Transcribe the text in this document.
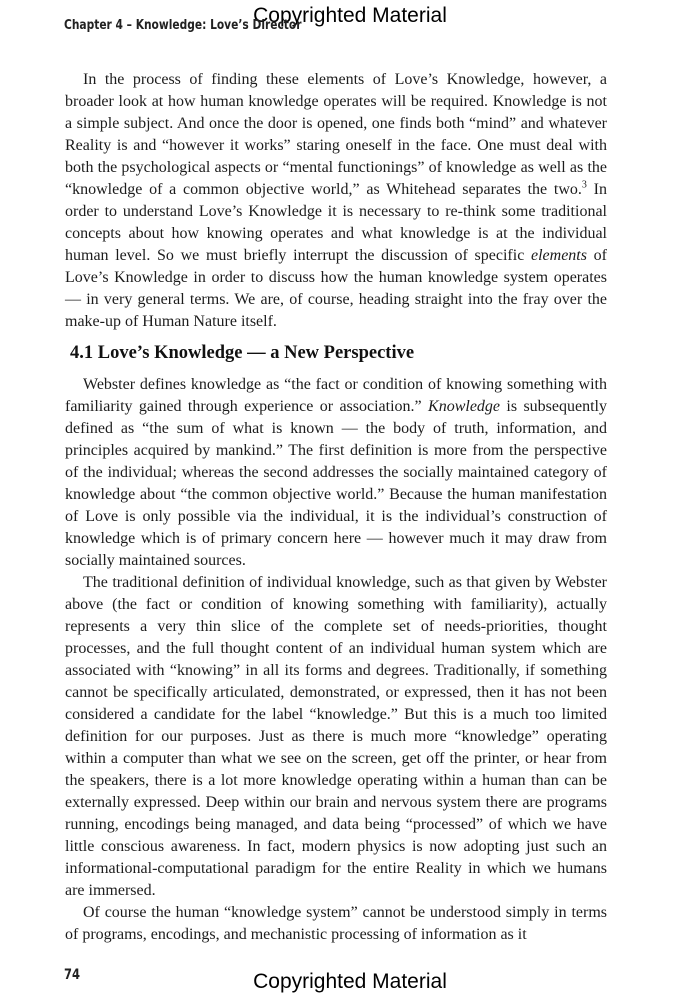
Copyrighted Material
Chapter 4 – Knowledge: Love’s Director

In the process of finding these elements of Love’s Knowledge, however, a broader look at how human knowledge operates will be required. Knowledge is not a simple subject. And once the door is opened, one finds both “mind” and whatever Reality is and “however it works” staring oneself in the face. One must deal with both the psychological aspects or “mental functionings” of knowledge as well as the “knowledge of a common objective world,” as Whitehead separates the two.$^3$ In order to understand Love’s Knowledge it is necessary to re-think some traditional concepts about how knowing operates and what knowledge is at the individual human level. So we must briefly interrupt the discussion of specific elements of Love’s Knowledge in order to discuss how the human knowledge system operates — in very general terms. We are, of course, heading straight into the fray over the make-up of Human Nature itself.

4.1 Love’s Knowledge — a New Perspective

Webster defines knowledge as “the fact or condition of knowing something with familiarity gained through experience or association.” Knowledge is subsequently defined as “the sum of what is known — the body of truth, information, and principles acquired by mankind.” The first definition is more from the perspective of the individual; whereas the second addresses the socially maintained category of knowledge about “the common objective world.” Because the human manifestation of Love is only possible via the individual, it is the individual’s construction of knowledge which is of primary concern here — however much it may draw from socially maintained sources.

The traditional definition of individual knowledge, such as that given by Webster above (the fact or condition of knowing something with familiarity), actually represents a very thin slice of the complete set of needs-priorities, thought processes, and the full thought content of an individual human system which are associated with “knowing” in all its forms and degrees. Traditionally, if something cannot be specifically articulated, demonstrated, or expressed, then it has not been considered a candidate for the label “knowledge.” But this is a much too limited definition for our purposes. Just as there is much more “knowledge” operating within a computer than what we see on the screen, get off the printer, or hear from the speakers, there is a lot more knowledge operating within a human than can be externally expressed. Deep within our brain and nervous system there are programs running, encodings being managed, and data being “processed” of which we have little conscious awareness. In fact, modern physics is now adopting just such an informational-computational paradigm for the entire Reality in which we humans are immersed.

Of course the human “knowledge system” cannot be understood simply in terms of programs, encodings, and mechanistic processing of information as it

74	Copyrighted Material
